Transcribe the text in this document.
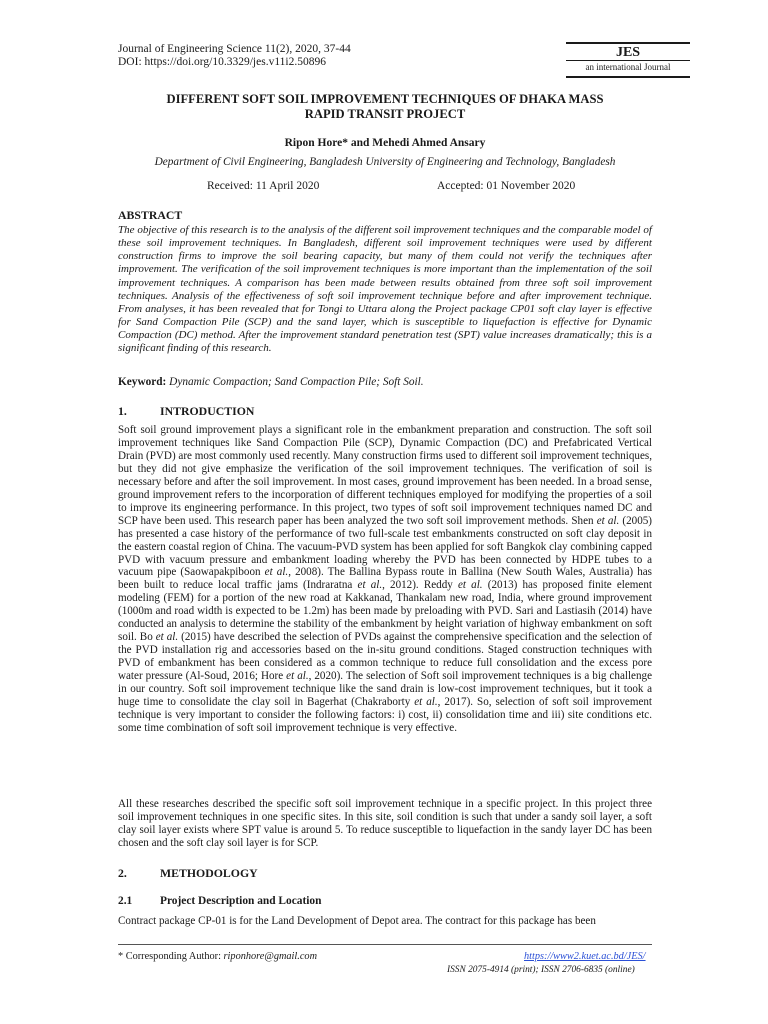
Journal of Engineering Science 11(2), 2020, 37-44
DOI: https://doi.org/10.3329/jes.v11i2.50896
JES
an international Journal
DIFFERENT SOFT SOIL IMPROVEMENT TECHNIQUES OF DHAKA MASS
RAPID TRANSIT PROJECT
Ripon Hore* and Mehedi Ahmed Ansary
Department of Civil Engineering, Bangladesh University of Engineering and Technology, Bangladesh
Received: 11 April 2020	Accepted: 01 November 2020
ABSTRACT
The objective of this research is to the analysis of the different soil improvement techniques and the comparable model of these soil improvement techniques. In Bangladesh, different soil improvement techniques were used by different construction firms to improve the soil bearing capacity, but many of them could not verify the techniques after improvement. The verification of the soil improvement techniques is more important than the implementation of the soil improvement techniques. A comparison has been made between results obtained from three soft soil improvement techniques. Analysis of the effectiveness of soft soil improvement technique before and after improvement technique. From analyses, it has been revealed that for Tongi to Uttara along the Project package CP01 soft clay layer is effective for Sand Compaction Pile (SCP) and the sand layer, which is susceptible to liquefaction is effective for Dynamic Compaction (DC) method. After the improvement standard penetration test (SPT) value increases dramatically; this is a significant finding of this research.
Keyword: Dynamic Compaction; Sand Compaction Pile; Soft Soil.
1.	INTRODUCTION

Soft soil ground improvement plays a significant role in the embankment preparation and construction. The soft soil improvement techniques like Sand Compaction Pile (SCP), Dynamic Compaction (DC) and Prefabricated Vertical Drain (PVD) are most commonly used recently. Many construction firms used to different soil improvement techniques, but they did not give emphasize the verification of the soil improvement techniques. The verification of soil is necessary before and after the soil improvement. In most cases, ground improvement has been needed. In a broad sense, ground improvement refers to the incorporation of different techniques employed for modifying the properties of a soil to improve its engineering performance. In this project, two types of soft soil improvement techniques named DC and SCP have been used. This research paper has been analyzed the two soft soil improvement methods. Shen et al. (2005) has presented a case history of the performance of two full-scale test embankments constructed on soft clay deposit in the eastern coastal region of China. The vacuum-PVD system has been applied for soft Bangkok clay combining capped PVD with vacuum pressure and embankment loading whereby the PVD has been connected by HDPE tubes to a vacuum pipe (Saowapakpiboon et al., 2008). The Ballina Bypass route in Ballina (New South Wales, Australia) has been built to reduce local traffic jams (Indraratna et al., 2012). Reddy et al. (2013) has proposed finite element modeling (FEM) for a portion of the new road at Kakkanad, Thankalam new road, India, where ground improvement (1000m and road width is expected to be 1.2m) has been made by preloading with PVD. Sari and Lastiasih (2014) have conducted an analysis to determine the stability of the embankment by height variation of highway embankment on soft soil. Bo et al. (2015) have described the selection of PVDs against the comprehensive specification and the selection of the PVD installation rig and accessories based on the in-situ ground conditions. Staged construction techniques with PVD of embankment has been considered as a common technique to reduce full consolidation and the excess pore water pressure (Al-Soud, 2016; Hore et al., 2020). The selection of Soft soil improvement techniques is a big challenge in our country. Soft soil improvement technique like the sand drain is low-cost improvement techniques, but it took a huge time to consolidate the clay soil in Bagerhat (Chakraborty et al., 2017). So, selection of soft soil improvement technique is very important to consider the following factors: i) cost, ii) consolidation time and iii) site conditions etc. some time combination of soft soil improvement technique is very effective.

All these researches described the specific soft soil improvement technique in a specific project. In this project three soil improvement techniques in one specific sites. In this site, soil condition is such that under a sandy soil layer, a soft clay soil layer exists where SPT value is around 5. To reduce susceptible to liquefaction in the sandy layer DC has been chosen and the soft clay soil layer is for SCP.
2.	METHODOLOGY
2.1 Project Description and Location
Contract package CP-01 is for the Land Development of Depot area. The contract for this package has been
* Corresponding Author: riponhore@gmail.com	https://www2.kuet.ac.bd/JES/
ISSN 2075-4914 (print); ISSN 2706-6835 (online)
